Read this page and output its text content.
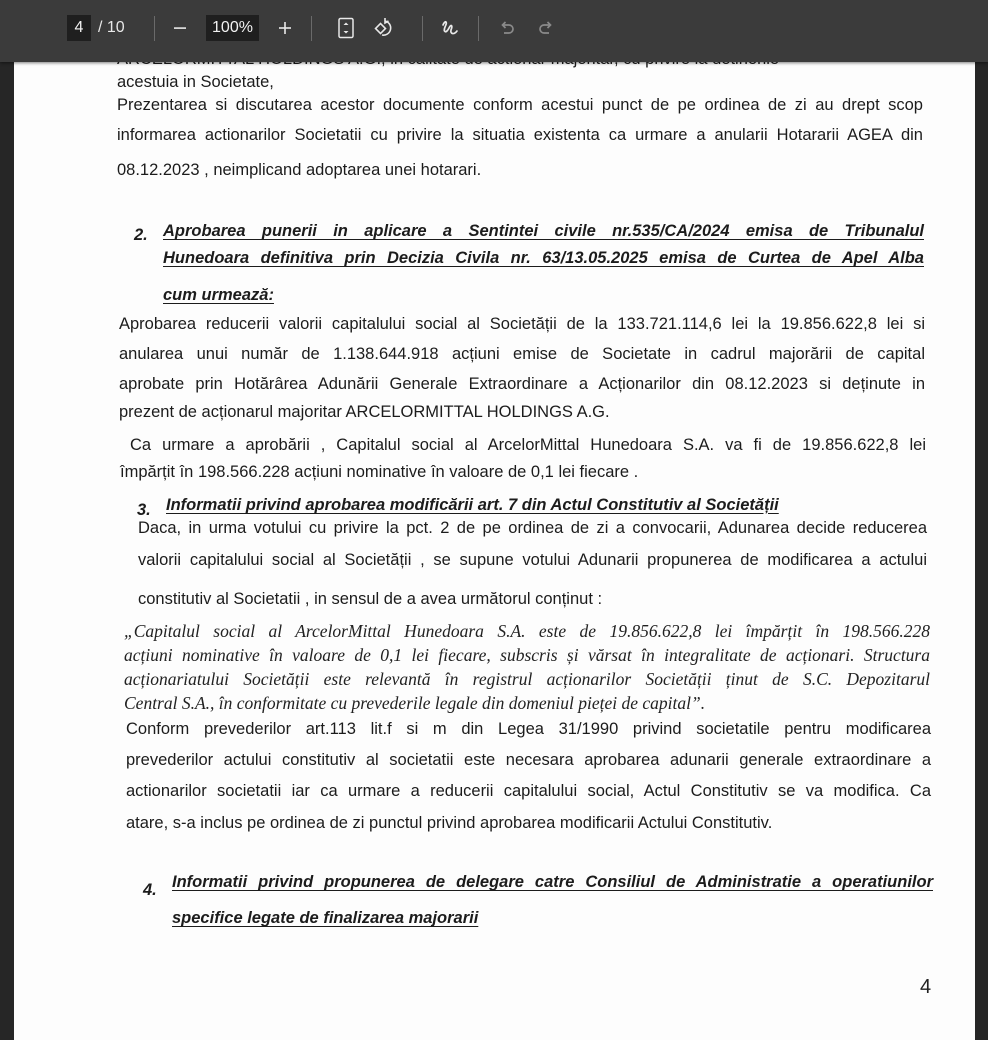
4 / 10	100%
acestuia in Societate,
Prezentarea si discutarea acestor documente conform acestui punct de pe ordinea de zi au drept scop
informarea actionarilor Societatii cu privire la situatia existenta ca urmare a anularii Hotararii AGEA din
08.12.2023 , neimplicand adoptarea unei hotarari.
2. Aprobarea punerii in aplicare a Sentintei civile nr.535/CA/2024 emisa de Tribunalul
Hunedoara definitiva prin Decizia Civila nr. 63/13.05.2025 emisa de Curtea de Apel Alba
cum urmează:
Aprobarea reducerii valorii capitalului social al Societății de la 133.721.114,6 lei la 19.856.622,8 lei si
anularea unui număr de 1.138.644.918 acțiuni emise de Societate in cadrul majorării de capital
aprobate prin Hotărârea Adunării Generale Extraordinare a Acționarilor din 08.12.2023 si deținute in
prezent de acționarul majoritar ARCELORMITTAL HOLDINGS A.G.
Ca urmare a aprobării , Capitalul social al ArcelorMittal Hunedoara S.A. va fi de 19.856.622,8 lei
împărțit în 198.566.228 acțiuni nominative în valoare de 0,1 lei fiecare .
3. Informatii privind aprobarea modificării art. 7 din Actul Constitutiv al Societății
Daca, in urma votului cu privire la pct. 2 de pe ordinea de zi a convocarii, Adunarea decide reducerea
valorii capitalului social al Societății , se supune votului Adunarii propunerea de modificarea a actului
constitutiv al Societatii , in sensul de a avea următorul conținut :
„Capitalul social al ArcelorMittal Hunedoara S.A. este de 19.856.622,8 lei împărțit în 198.566.228
acțiuni nominative în valoare de 0,1 lei fiecare, subscris și vărsat în integralitate de acționari. Structura
acționariatului Societății este relevantă în registrul acționarilor Societății ținut de S.C. Depozitarul
Central S.A., în conformitate cu prevederile legale din domeniul pieței de capital”.
Conform prevederilor art.113 lit.f si m din Legea 31/1990 privind societatile pentru modificarea
prevederilor actului constitutiv al societatii este necesara aprobarea adunarii generale extraordinare a
actionarilor societatii iar ca urmare a reducerii capitalului social, Actul Constitutiv se va modifica. Ca
atare, s-a inclus pe ordinea de zi punctul privind aprobarea modificarii Actului Constitutiv.
4. Informatii privind propunerea de delegare catre Consiliul de Administratie a operatiunilor
specifice legate de finalizarea majorarii
4
